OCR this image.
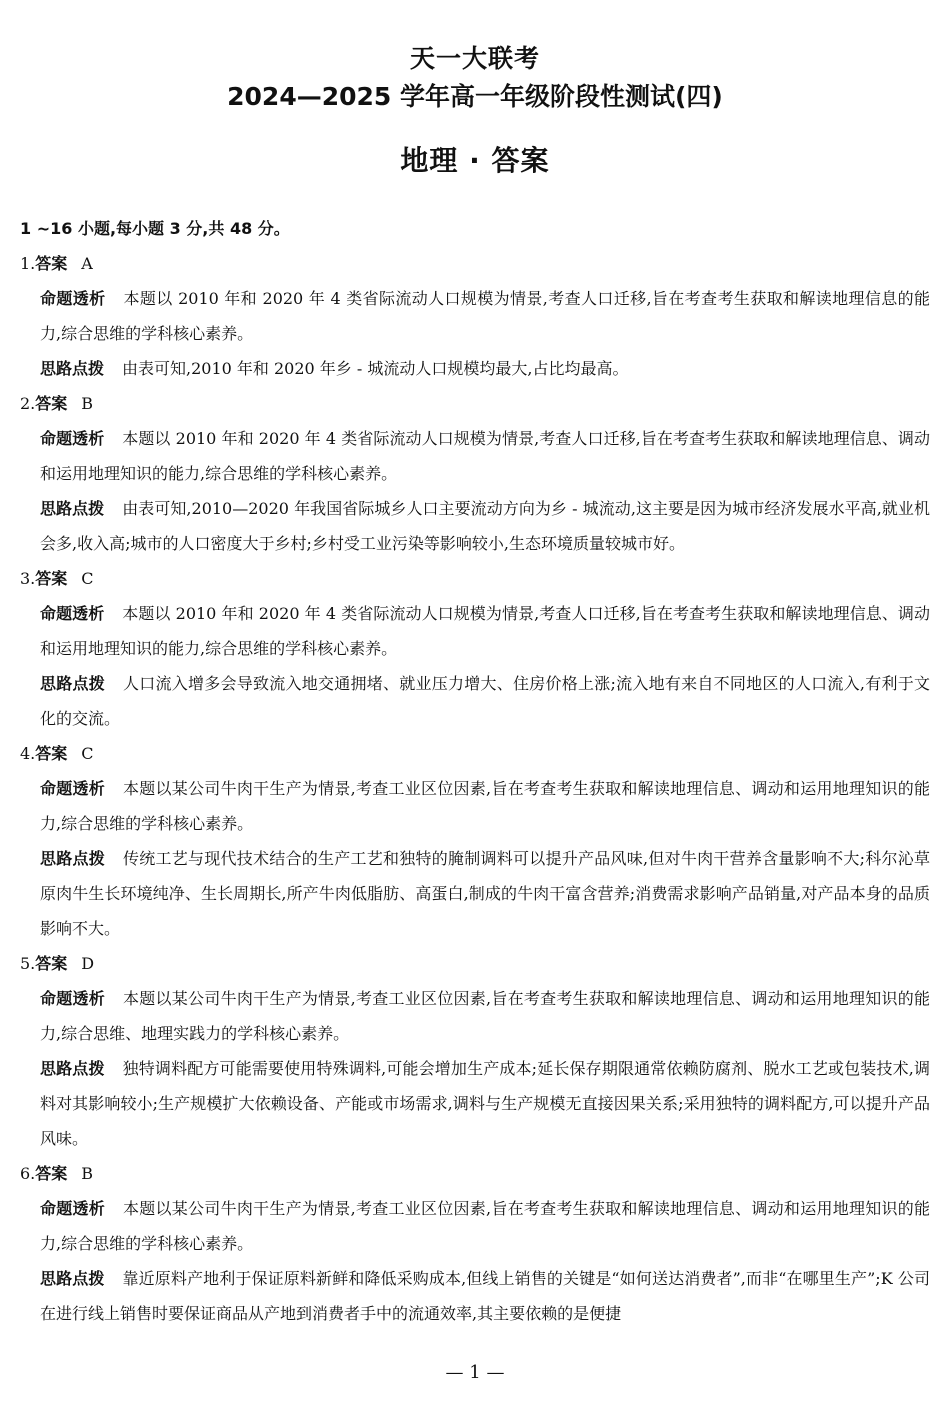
天一大联考
2024—2025 学年高一年级阶段性测试(四)
地理 · 答案

1 ~16 小题,每小题 3 分,共 48 分。

1.答案 A

命题透析 本题以 2010 年和 2020 年 4 类省际流动人口规模为情景,考查人口迁移,旨在考查考生获取和解读地理信息的能力,综合思维的学科核心素养。

思路点拨 由表可知,2010 年和 2020 年乡 - 城流动人口规模均最大,占比均最高。

2.答案 B

命题透析 本题以 2010 年和 2020 年 4 类省际流动人口规模为情景,考查人口迁移,旨在考查考生获取和解读地理信息、调动和运用地理知识的能力,综合思维的学科核心素养。

思路点拨 由表可知,2010—2020 年我国省际城乡人口主要流动方向为乡 - 城流动,这主要是因为城市经济发展水平高,就业机会多,收入高;城市的人口密度大于乡村;乡村受工业污染等影响较小,生态环境质量较城市好。

3.答案 C

命题透析 本题以 2010 年和 2020 年 4 类省际流动人口规模为情景,考查人口迁移,旨在考查考生获取和解读地理信息、调动和运用地理知识的能力,综合思维的学科核心素养。

思路点拨 人口流入增多会导致流入地交通拥堵、就业压力增大、住房价格上涨;流入地有来自不同地区的人口流入,有利于文化的交流。

4.答案 C

命题透析 本题以某公司牛肉干生产为情景,考查工业区位因素,旨在考查考生获取和解读地理信息、调动和运用地理知识的能力,综合思维的学科核心素养。

思路点拨 传统工艺与现代技术结合的生产工艺和独特的腌制调料可以提升产品风味,但对牛肉干营养含量影响不大;科尔沁草原肉牛生长环境纯净、生长周期长,所产牛肉低脂肪、高蛋白,制成的牛肉干富含营养;消费需求影响产品销量,对产品本身的品质影响不大。

5.答案 D

命题透析 本题以某公司牛肉干生产为情景,考查工业区位因素,旨在考查考生获取和解读地理信息、调动和运用地理知识的能力,综合思维、地理实践力的学科核心素养。

思路点拨 独特调料配方可能需要使用特殊调料,可能会增加生产成本;延长保存期限通常依赖防腐剂、脱水工艺或包装技术,调料对其影响较小;生产规模扩大依赖设备、产能或市场需求,调料与生产规模无直接因果关系;采用独特的调料配方,可以提升产品风味。

6.答案 B

命题透析 本题以某公司牛肉干生产为情景,考查工业区位因素,旨在考查考生获取和解读地理信息、调动和运用地理知识的能力,综合思维的学科核心素养。

思路点拨 靠近原料产地利于保证原料新鲜和降低采购成本,但线上销售的关键是“如何送达消费者”,而非“在哪里生产”;K 公司在进行线上销售时要保证商品从产地到消费者手中的流通效率,其主要依赖的是便捷

— 1 —
